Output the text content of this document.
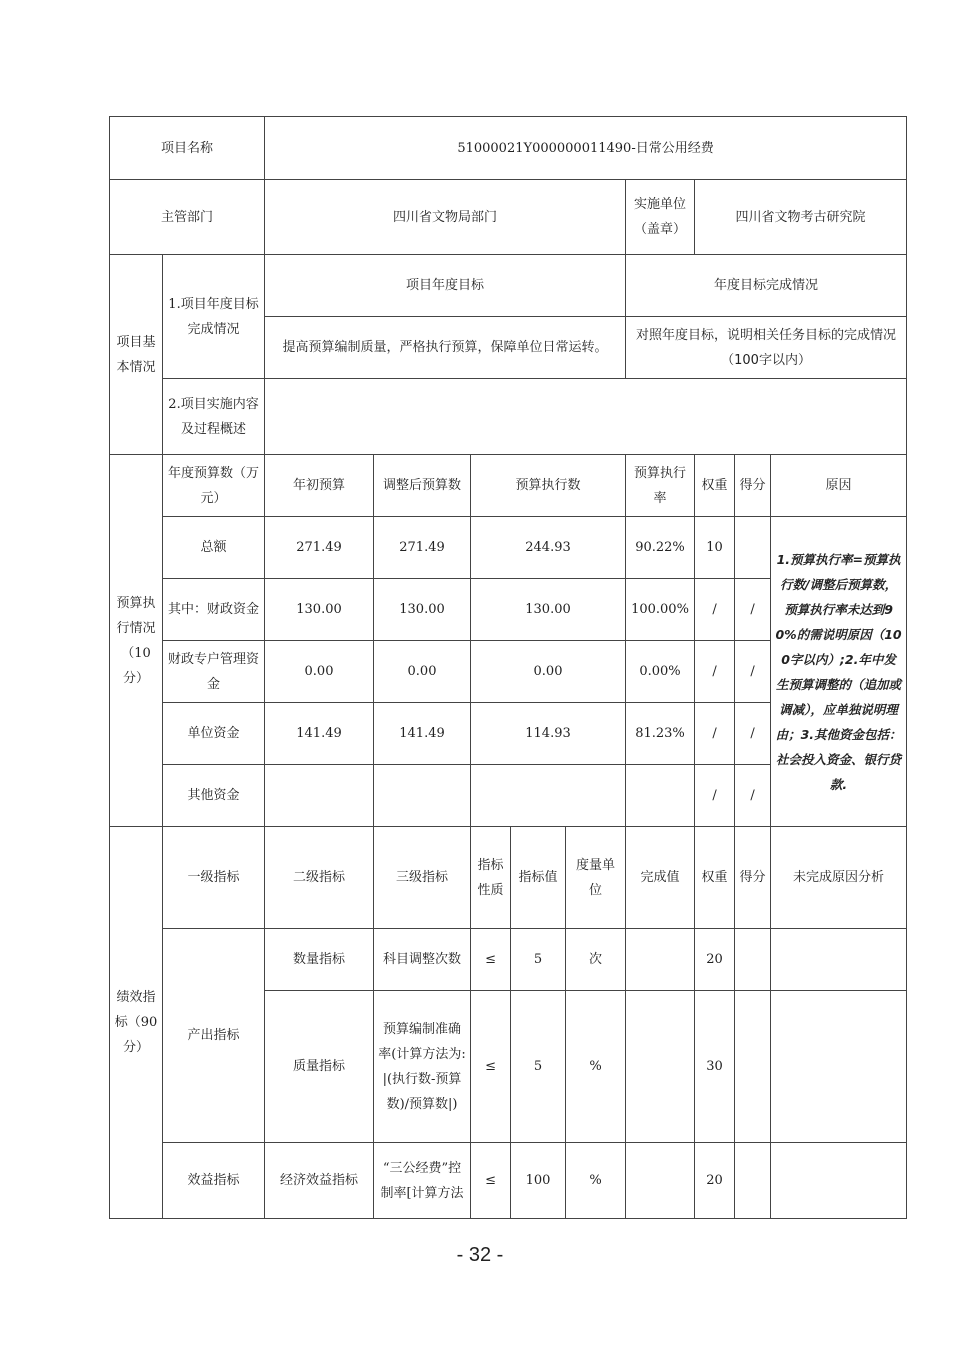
项目名称		51000021Y000000011490-日常公用经费								
主管部门		四川省文物局部门					实施单位（盖章）	四川省文物考古研究院		
项目基本情况	1.项目年度目标完成情况	项目年度目标					年度目标完成情况			
		提高预算编制质量，严格执行预算，保障单位日常运转。					对照年度目标，说明相关任务目标的完成情况（100字以内）			
	2.项目实施内容及过程概述									
预算执行情况（10分）	年度预算数（万元）	年初预算	调整后预算数	预算执行数			预算执行率	权重	得分	原因
	总额	271.49	271.49	244.93			90.22%	10		1.预算执行率=预算执行数/调整后预算数，预算执行率未达到90%的需说明原因（100字以内）;2.年中发生预算调整的（追加或调减），应单独说明理由；3.其他资金包括：社会投入资金、银行贷款.
	其中：财政资金	130.00	130.00	130.00			100.00%	/	/	
	财政专户管理资金	0.00	0.00	0.00			0.00%	/	/	
	单位资金	141.49	141.49	114.93			81.23%	/	/	
	其他资金							/	/	
绩效指标（90分）	一级指标	二级指标	三级指标	指标性质	指标值	度量单位	完成值	权重	得分	未完成原因分析
	产出指标	数量指标	科目调整次数	≤	5	次		20		
		质量指标	预算编制准确率(计算方法为:|(执行数-预算数)/预算数|)	≤	5	%		30		
	效益指标	经济效益指标	“三公经费”控制率[计算方法	≤	100	%		20		
- 32 -
